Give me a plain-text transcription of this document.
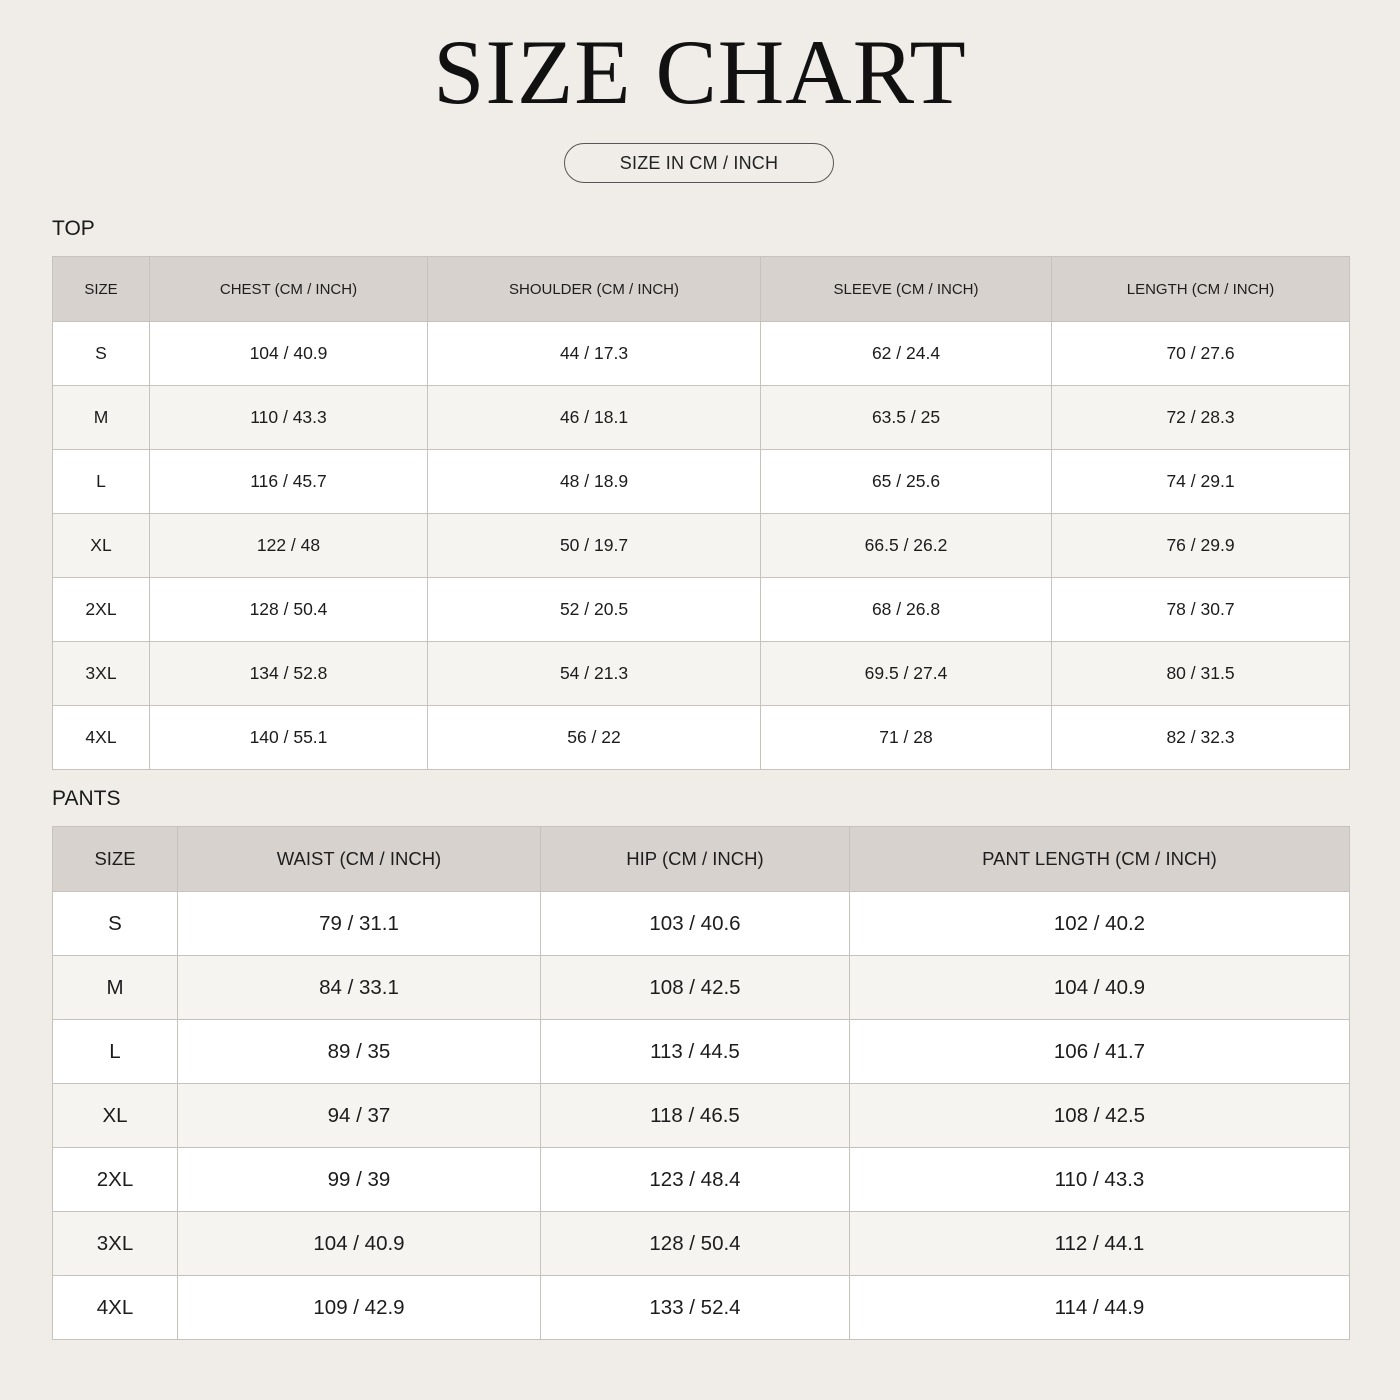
SIZE CHART
SIZE IN CM / INCH
TOP
SIZE	CHEST (CM / INCH)	SHOULDER (CM / INCH)	SLEEVE (CM / INCH)	LENGTH (CM / INCH)
S	104 / 40.9	44 / 17.3	62 / 24.4	70 / 27.6
M	110 / 43.3	46 / 18.1	63.5 / 25	72 / 28.3
L	116 / 45.7	48 / 18.9	65 / 25.6	74 / 29.1
XL	122 / 48	50 / 19.7	66.5 / 26.2	76 / 29.9
2XL	128 / 50.4	52 / 20.5	68 / 26.8	78 / 30.7
3XL	134 / 52.8	54 / 21.3	69.5 / 27.4	80 / 31.5
4XL	140 / 55.1	56 / 22	71 / 28	82 / 32.3
PANTS
SIZE	WAIST (CM / INCH)	HIP (CM / INCH)	PANT LENGTH (CM / INCH)
S	79 / 31.1	103 / 40.6	102 / 40.2
M	84 / 33.1	108 / 42.5	104 / 40.9
L	89 / 35	113 / 44.5	106 / 41.7
XL	94 / 37	118 / 46.5	108 / 42.5
2XL	99 / 39	123 / 48.4	110 / 43.3
3XL	104 / 40.9	128 / 50.4	112 / 44.1
4XL	109 / 42.9	133 / 52.4	114 / 44.9
